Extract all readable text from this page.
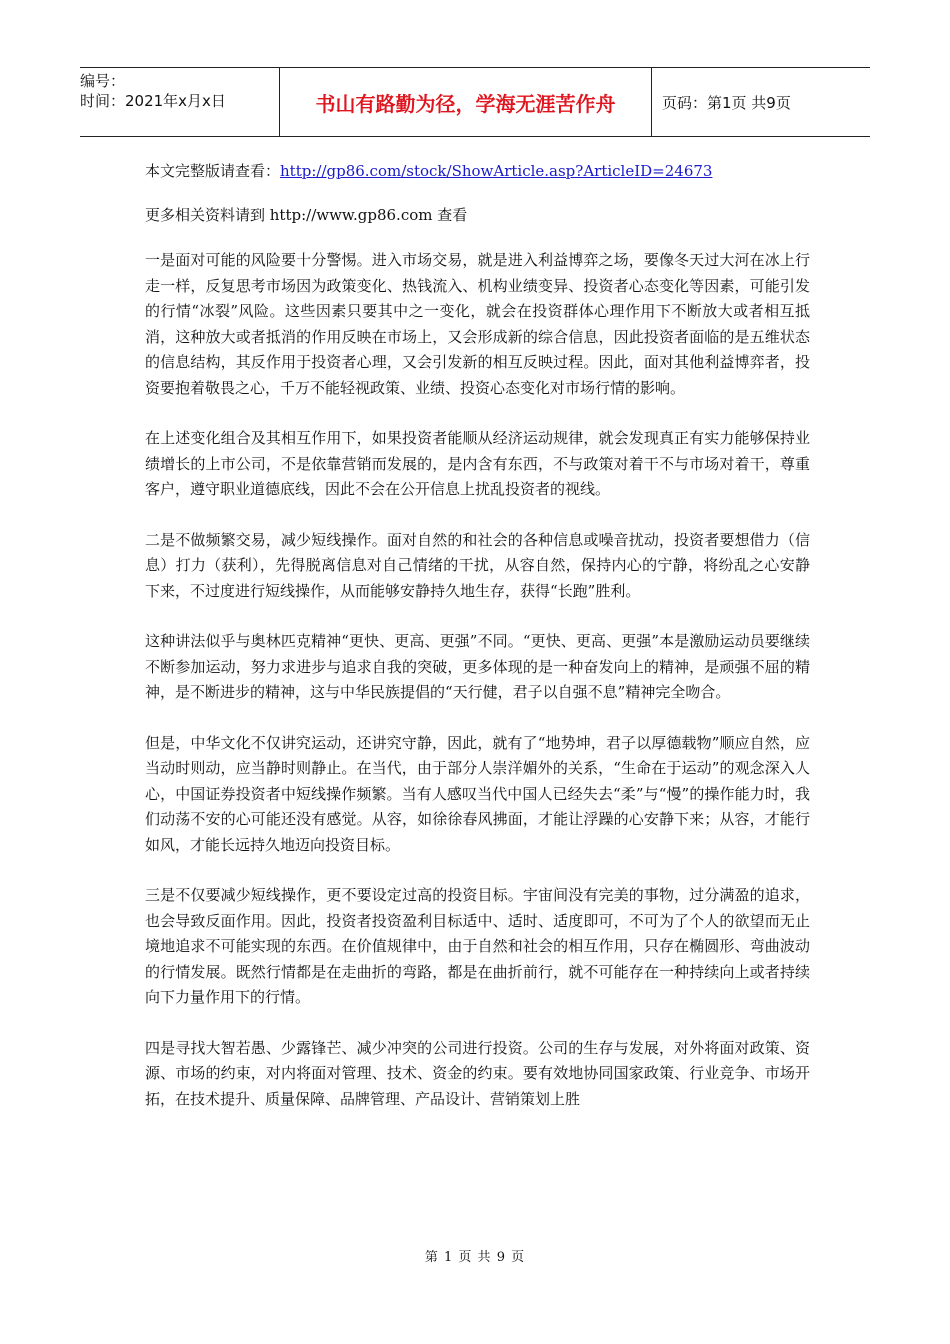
编号：
时间：2021年x月x日	书山有路勤为径，学海无涯苦作舟	页码：第1页 共9页

本文完整版请查看：http://gp86.com/stock/ShowArticle.asp?ArticleID=24673

更多相关资料请到 http://www.gp86.com 查看

一是面对可能的风险要十分警惕。进入市场交易，就是进入利益博弈之场，要像冬天过大河在冰上行走一样，反复思考市场因为政策变化、热钱流入、机构业绩变异、投资者心态变化等因素，可能引发的行情“冰裂”风险。这些因素只要其中之一变化，就会在投资群体心理作用下不断放大或者相互抵消，这种放大或者抵消的作用反映在市场上，又会形成新的综合信息，因此投资者面临的是五维状态的信息结构，其反作用于投资者心理，又会引发新的相互反映过程。因此，面对其他利益博弈者，投资要抱着敬畏之心，千万不能轻视政策、业绩、投资心态变化对市场行情的影响。

在上述变化组合及其相互作用下，如果投资者能顺从经济运动规律，就会发现真正有实力能够保持业绩增长的上市公司，不是依靠营销而发展的，是内含有东西，不与政策对着干不与市场对着干，尊重客户，遵守职业道德底线，因此不会在公开信息上扰乱投资者的视线。

二是不做频繁交易，减少短线操作。面对自然的和社会的各种信息或噪音扰动，投资者要想借力（信息）打力（获利），先得脱离信息对自己情绪的干扰，从容自然，保持内心的宁静，将纷乱之心安静下来，不过度进行短线操作，从而能够安静持久地生存，获得“长跑”胜利。

这种讲法似乎与奥林匹克精神“更快、更高、更强”不同。“更快、更高、更强”本是激励运动员要继续不断参加运动，努力求进步与追求自我的突破，更多体现的是一种奋发向上的精神，是顽强不屈的精神，是不断进步的精神，这与中华民族提倡的“天行健，君子以自强不息”精神完全吻合。

但是，中华文化不仅讲究运动，还讲究守静，因此，就有了“地势坤，君子以厚德载物”顺应自然，应当动时则动，应当静时则静止。在当代，由于部分人崇洋媚外的关系，“生命在于运动”的观念深入人心，中国证券投资者中短线操作频繁。当有人感叹当代中国人已经失去“柔”与“慢”的操作能力时，我们动荡不安的心可能还没有感觉。从容，如徐徐春风拂面，才能让浮躁的心安静下来；从容，才能行如风，才能长远持久地迈向投资目标。

三是不仅要减少短线操作，更不要设定过高的投资目标。宇宙间没有完美的事物，过分满盈的追求，也会导致反面作用。因此，投资者投资盈利目标适中、适时、适度即可，不可为了个人的欲望而无止境地追求不可能实现的东西。在价值规律中，由于自然和社会的相互作用，只存在椭圆形、弯曲波动的行情发展。既然行情都是在走曲折的弯路，都是在曲折前行，就不可能存在一种持续向上或者持续向下力量作用下的行情。

四是寻找大智若愚、少露锋芒、减少冲突的公司进行投资。公司的生存与发展，对外将面对政策、资源、市场的约束，对内将面对管理、技术、资金的约束。要有效地协同国家政策、行业竞争、市场开拓，在技术提升、质量保障、品牌管理、产品设计、营销策划上胜

第 1 页 共 9 页
